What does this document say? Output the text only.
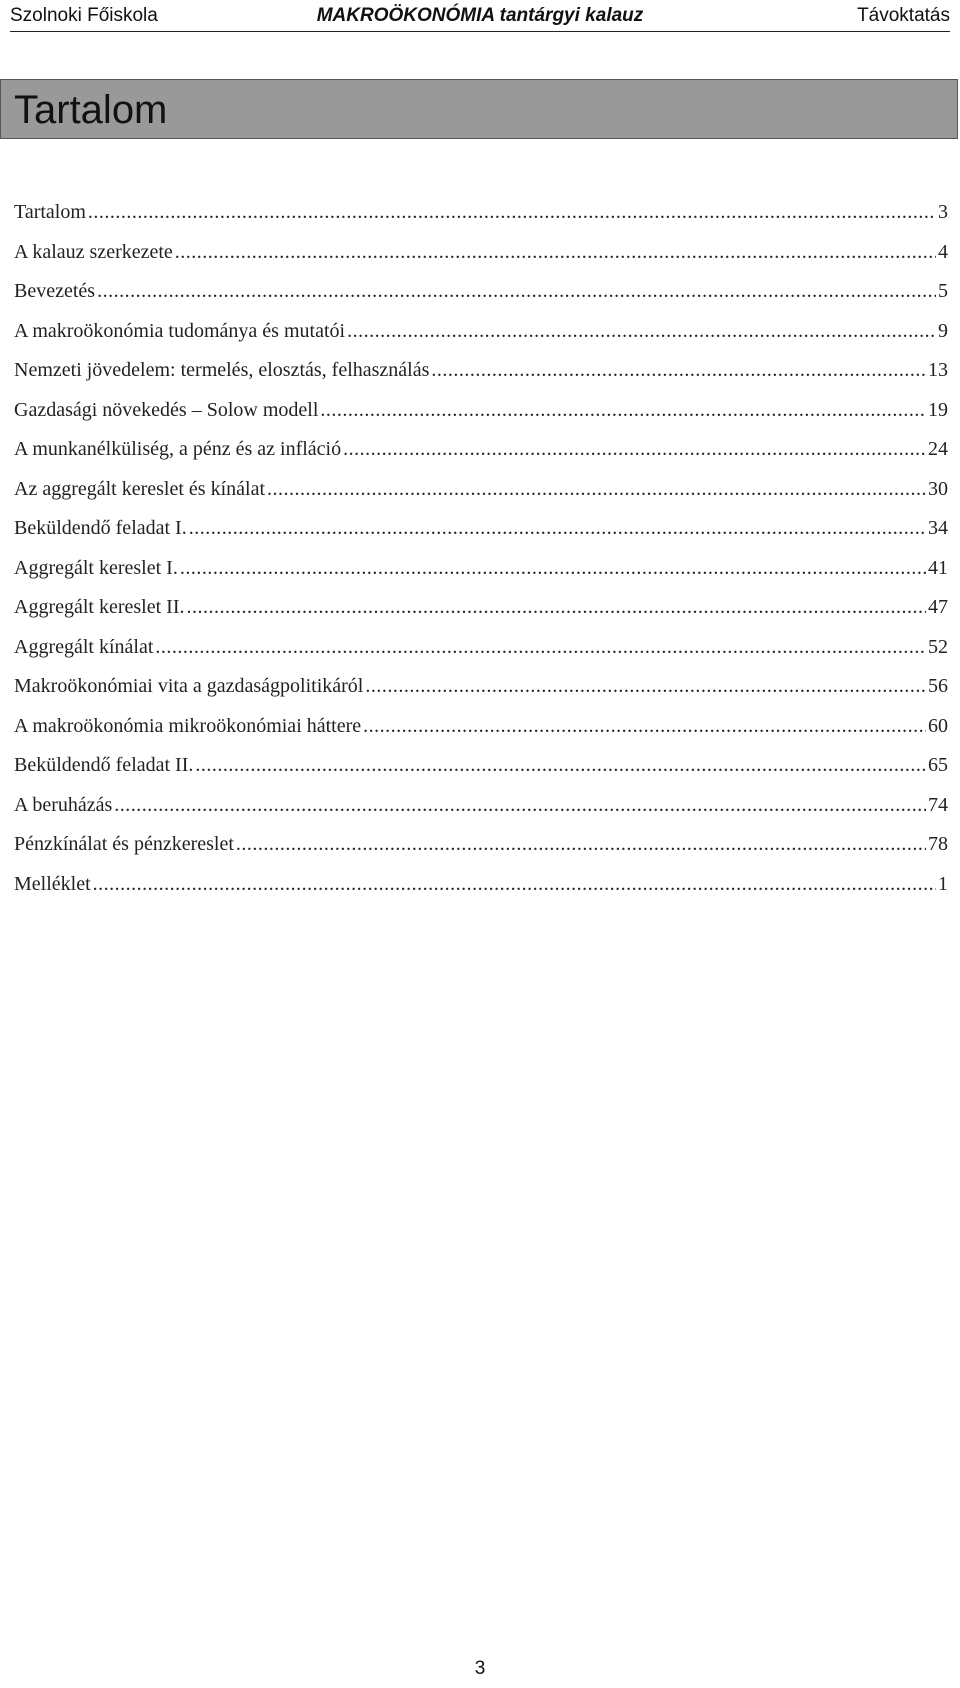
Szolnoki Főiskola	MAKROÖKONÓMIA tantárgyi kalauz	Távoktatás
Tartalom
Tartalom .....	3
A kalauz szerkezete .....	4
Bevezetés .....	5
A makroökonómia tudománya és mutatói .....	9
Nemzeti jövedelem: termelés, elosztás, felhasználás .....	13
Gazdasági növekedés – Solow modell .....	19
A munkanélküliség, a pénz és az infláció .....	24
Az aggregált kereslet és kínálat .....	30
Beküldendő feladat I. .....	34
Aggregált kereslet I. .....	41
Aggregált kereslet II. .....	47
Aggregált kínálat .....	52
Makroökonómiai vita a gazdaságpolitikáról .....	56
A makroökonómia mikroökonómiai háttere .....	60
Beküldendő feladat II. .....	65
A beruházás .....	74
Pénzkínálat és pénzkereslet .....	78
Melléklet .....	1
3
